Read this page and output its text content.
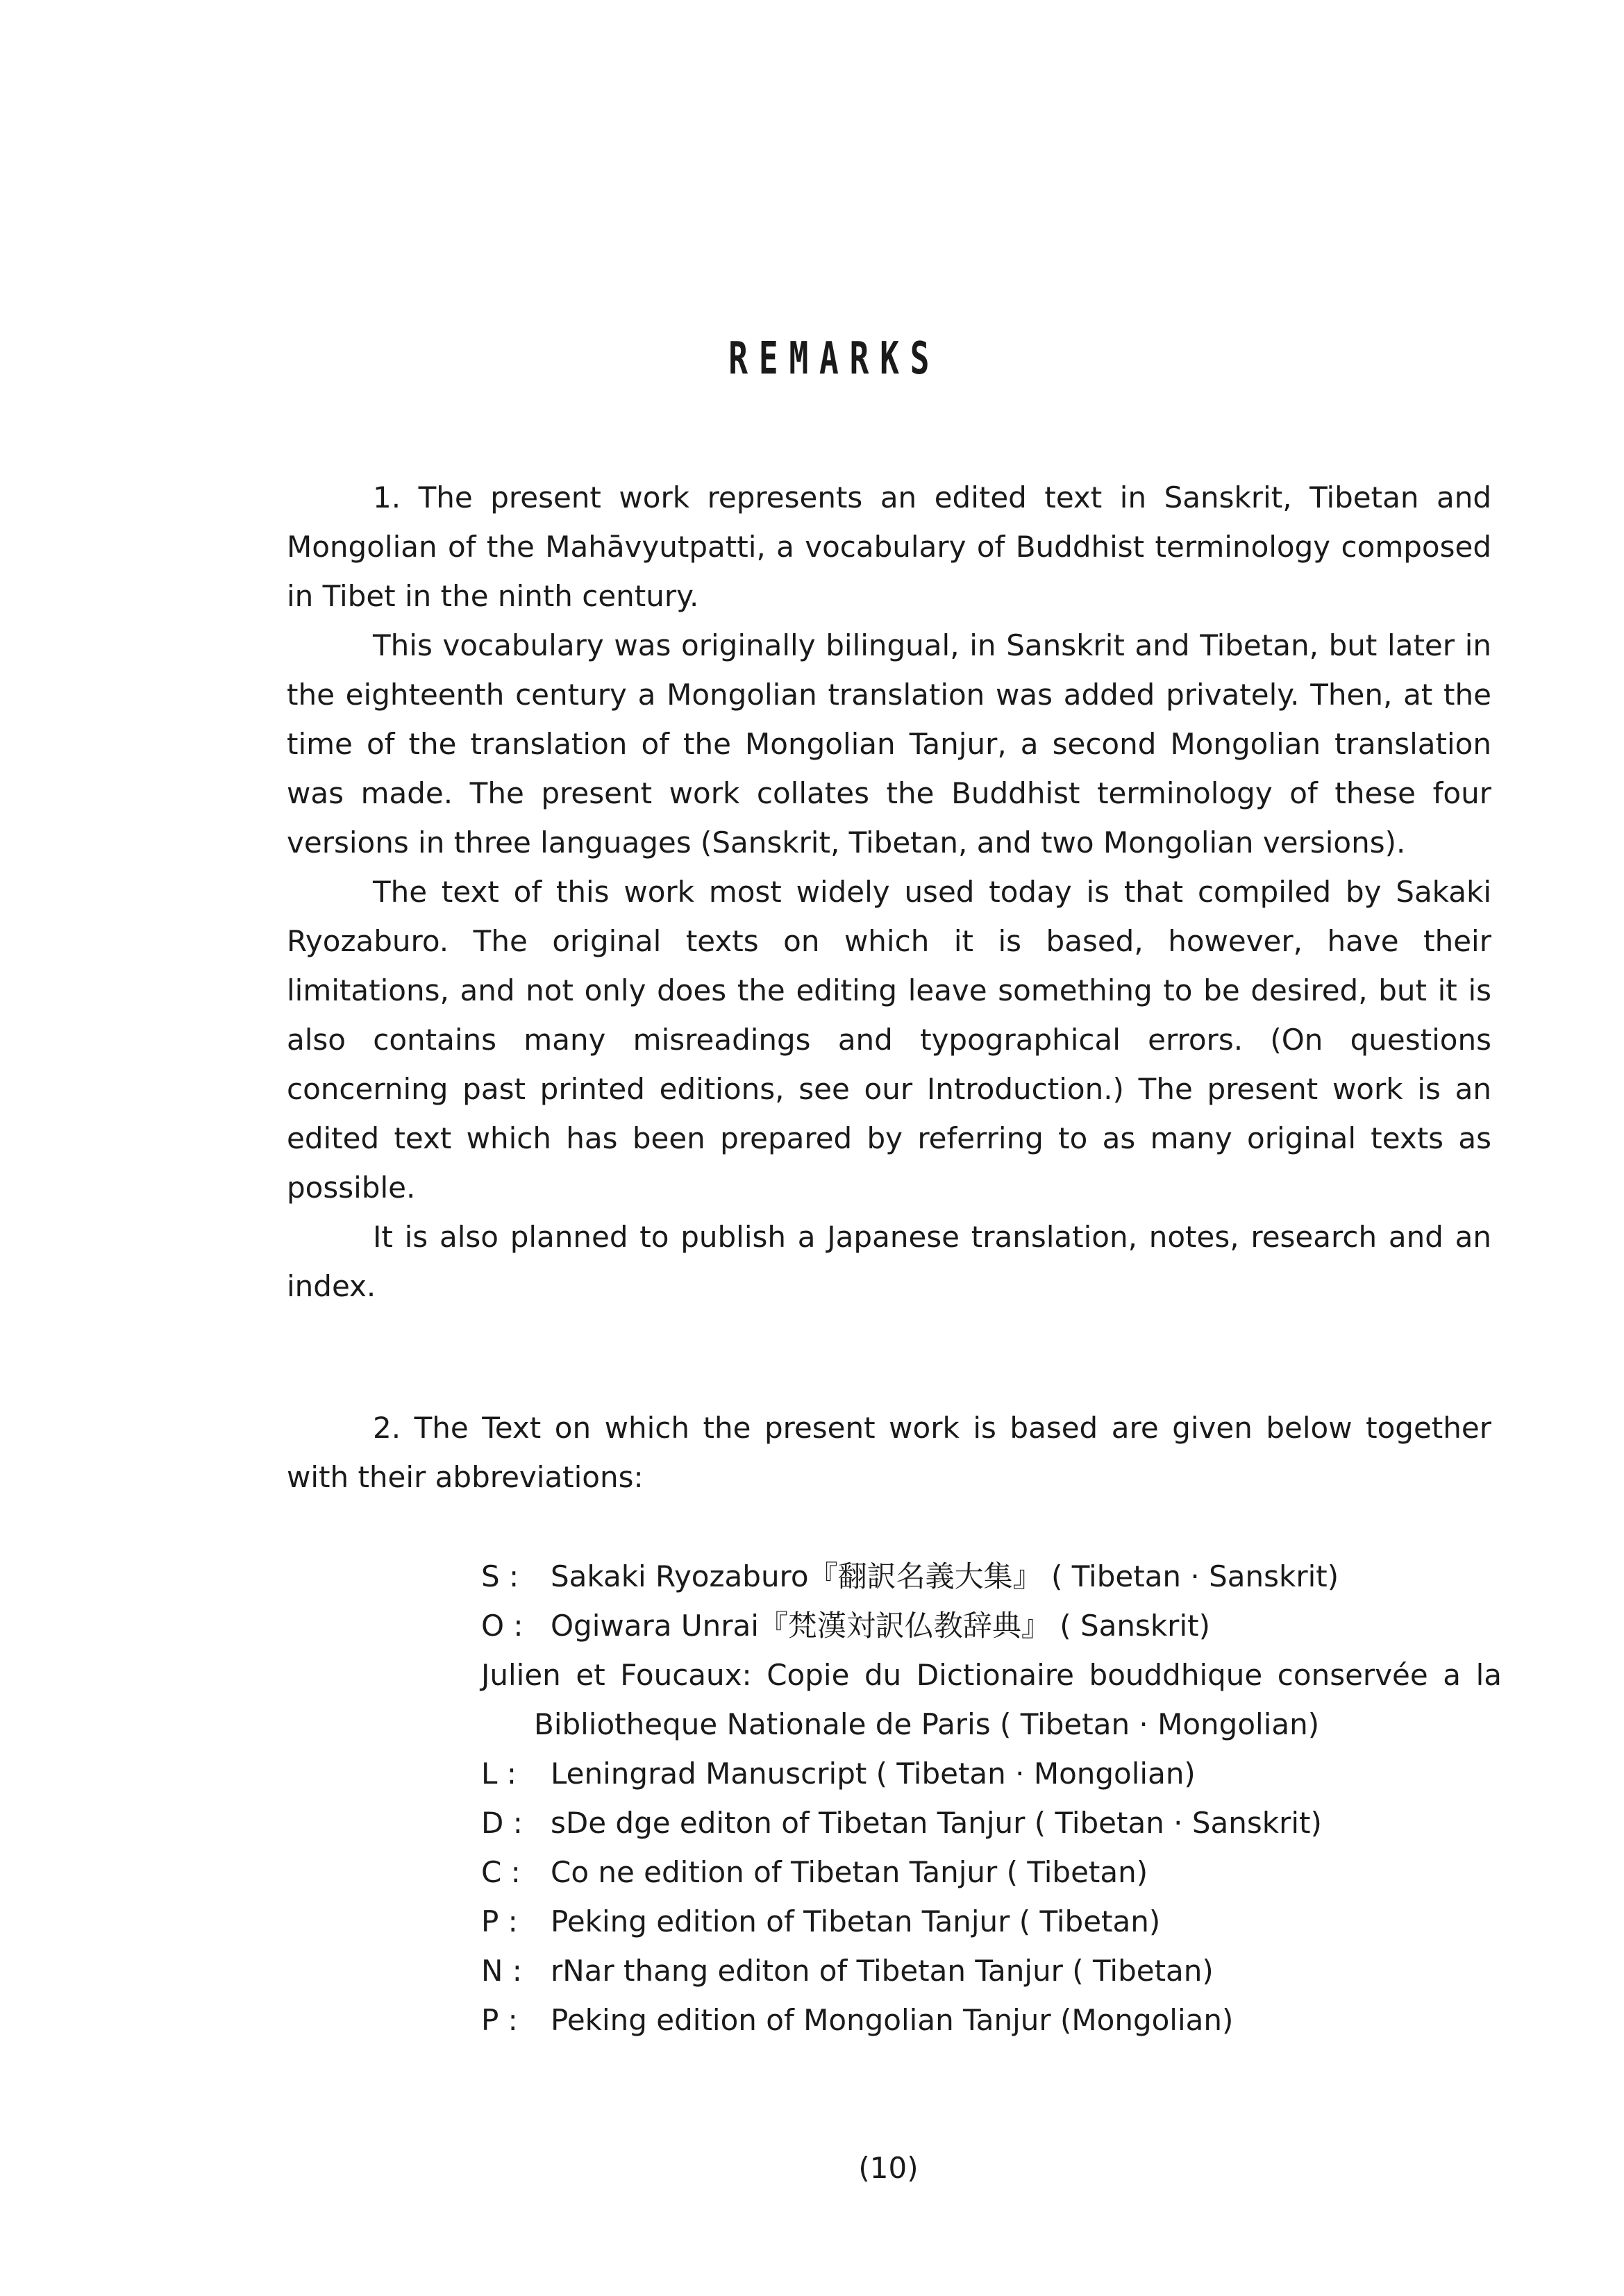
REMARKS

1. The present work represents an edited text in Sanskrit, Tibetan and Mongolian of the Mahāvyutpatti, a vocabulary of Buddhist terminology composed in Tibet in the ninth century.

This vocabulary was originally bilingual, in Sanskrit and Tibetan, but later in the eighteenth century a Mongolian translation was added privately. Then, at the time of the translation of the Mongolian Tanjur, a second Mongolian translation was made. The present work collates the Buddhist terminology of these four versions in three languages (Sanskrit, Tibetan, and two Mongolian versions).

The text of this work most widely used today is that compiled by Sakaki Ryozaburo. The original texts on which it is based, however, have their limitations, and not only does the editing leave something to be desired, but it is also contains many misreadings and typographical errors. (On questions concerning past printed editions, see our Introduction.) The present work is an edited text which has been prepared by referring to as many original texts as possible.

It is also planned to publish a Japanese translation, notes, research and an index.

2. The Text on which the present work is based are given below together with their abbreviations:

S :	Sakaki Ryozaburo『翻訳名義大集』 ( Tibetan · Sanskrit)
O : Ogiwara Unrai『梵漢対訳仏教辞典』 ( Sanskrit)
Julien et Foucaux: Copie du Dictionaire bouddhique conservée a la Bibliotheque Nationale de Paris ( Tibetan · Mongolian)
L :	Leningrad Manuscript ( Tibetan · Mongolian)
D : sDe dge editon of Tibetan Tanjur ( Tibetan · Sanskrit)
C :	Co ne edition of Tibetan Tanjur ( Tibetan)
P :	Peking edition of Tibetan Tanjur ( Tibetan)
N : rNar thang editon of Tibetan Tanjur ( Tibetan)
P :	Peking edition of Mongolian Tanjur (Mongolian)
(10)
